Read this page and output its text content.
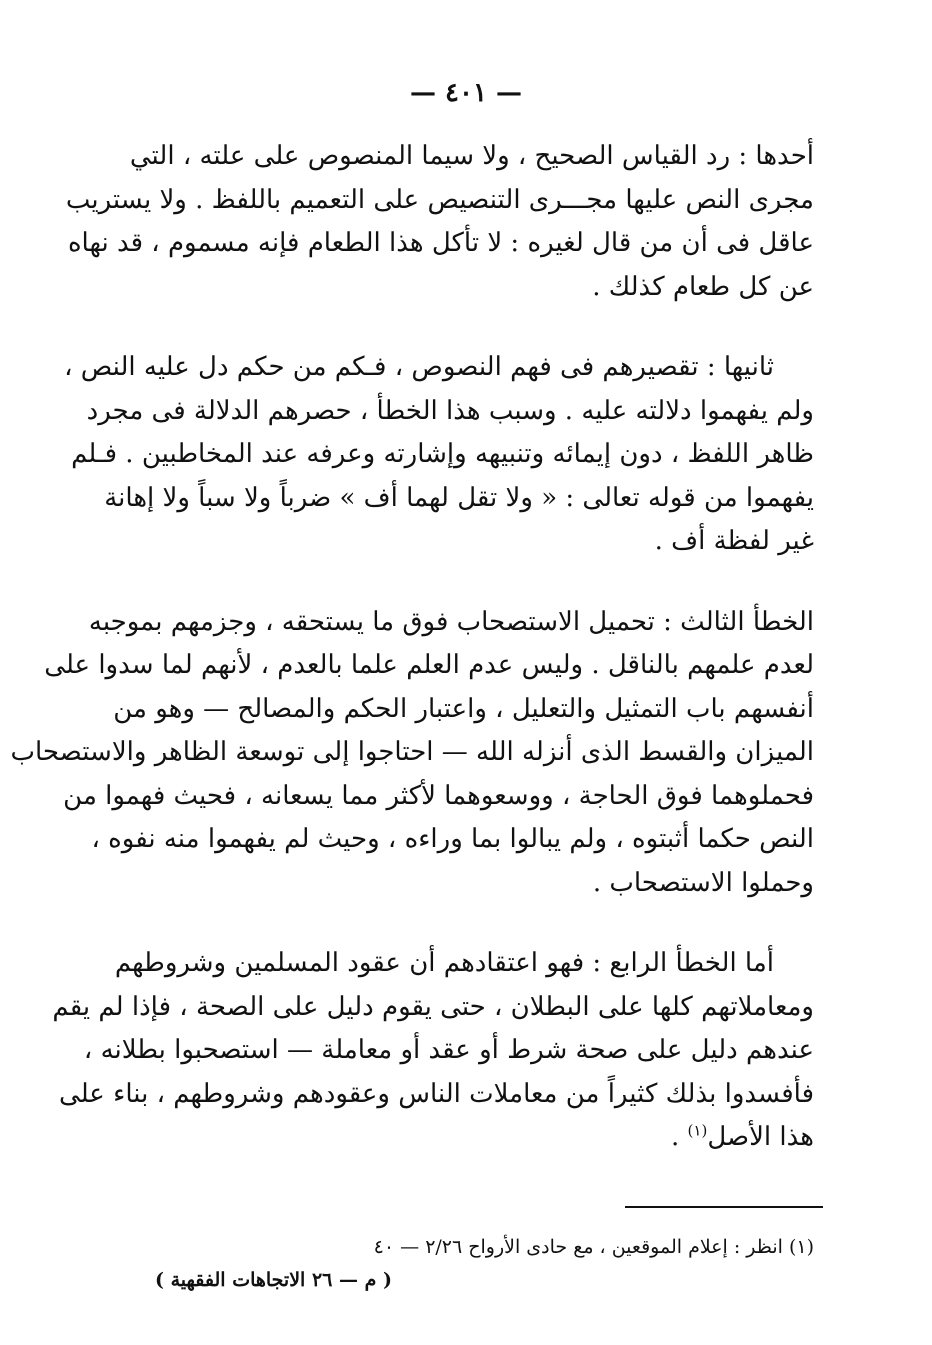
— ٤٠١ —
أحدها : رد القياس الصحيح ، ولا سيما المنصوص على علته ، التي
مجرى النص عليها مجـــرى التنصيص على التعميم باللفظ . ولا يستريب
عاقل فى أن من قال لغيره : لا تأكل هذا الطعام فإنه مسموم ، قد نهاه
عن كل طعام كذلك .
ثانيها : تقصيرهم فى فهم النصوص ، فـكم من حكم دل عليه النص ،
ولم يفهموا دلالته عليه . وسبب هذا الخطأ ، حصرهم الدلالة فى مجرد
ظاهر اللفظ ، دون إيمائه وتنبيهه وإشارته وعرفه عند المخاطبين . فـلم
يفهموا من قوله تعالى : « ولا تقل لهما أف » ضرباً ولا سباً ولا إهانة
غير لفظة أف .
الخطأ الثالث : تحميل الاستصحاب فوق ما يستحقه ، وجزمهم بموجبه
لعدم علمهم بالناقل . وليس عدم العلم علما بالعدم ، لأنهم لما سدوا على
أنفسهم باب التمثيل والتعليل ، واعتبار الحكم والمصالح — وهو من
الميزان والقسط الذى أنزله الله — احتاجوا إلى توسعة الظاهر والاستصحاب
فحملوهما فوق الحاجة ، ووسعوهما لأكثر مما يسعانه ، فحيث فهموا من
النص حكما أثبتوه ، ولم يبالوا بما وراءه ، وحيث لم يفهموا منه نفوه ،
وحملوا الاستصحاب .
أما الخطأ الرابع : فهو اعتقادهم أن عقود المسلمين وشروطهم
ومعاملاتهم كلها على البطلان ، حتى يقوم دليل على الصحة ، فإذا لم يقم
عندهم دليل على صحة شرط أو عقد أو معاملة — استصحبوا بطلانه ،
فأفسدوا بذلك كثيراً من معاملات الناس وعقودهم وشروطهم ، بناء على
هذا الأصل$^{(١)}$ .
(١) انظر : إعلام الموقعين ، مع حادى الأرواح ٢/٢٦ — ٤٠
( م — ٢٦ الاتجاهات الفقهية )
